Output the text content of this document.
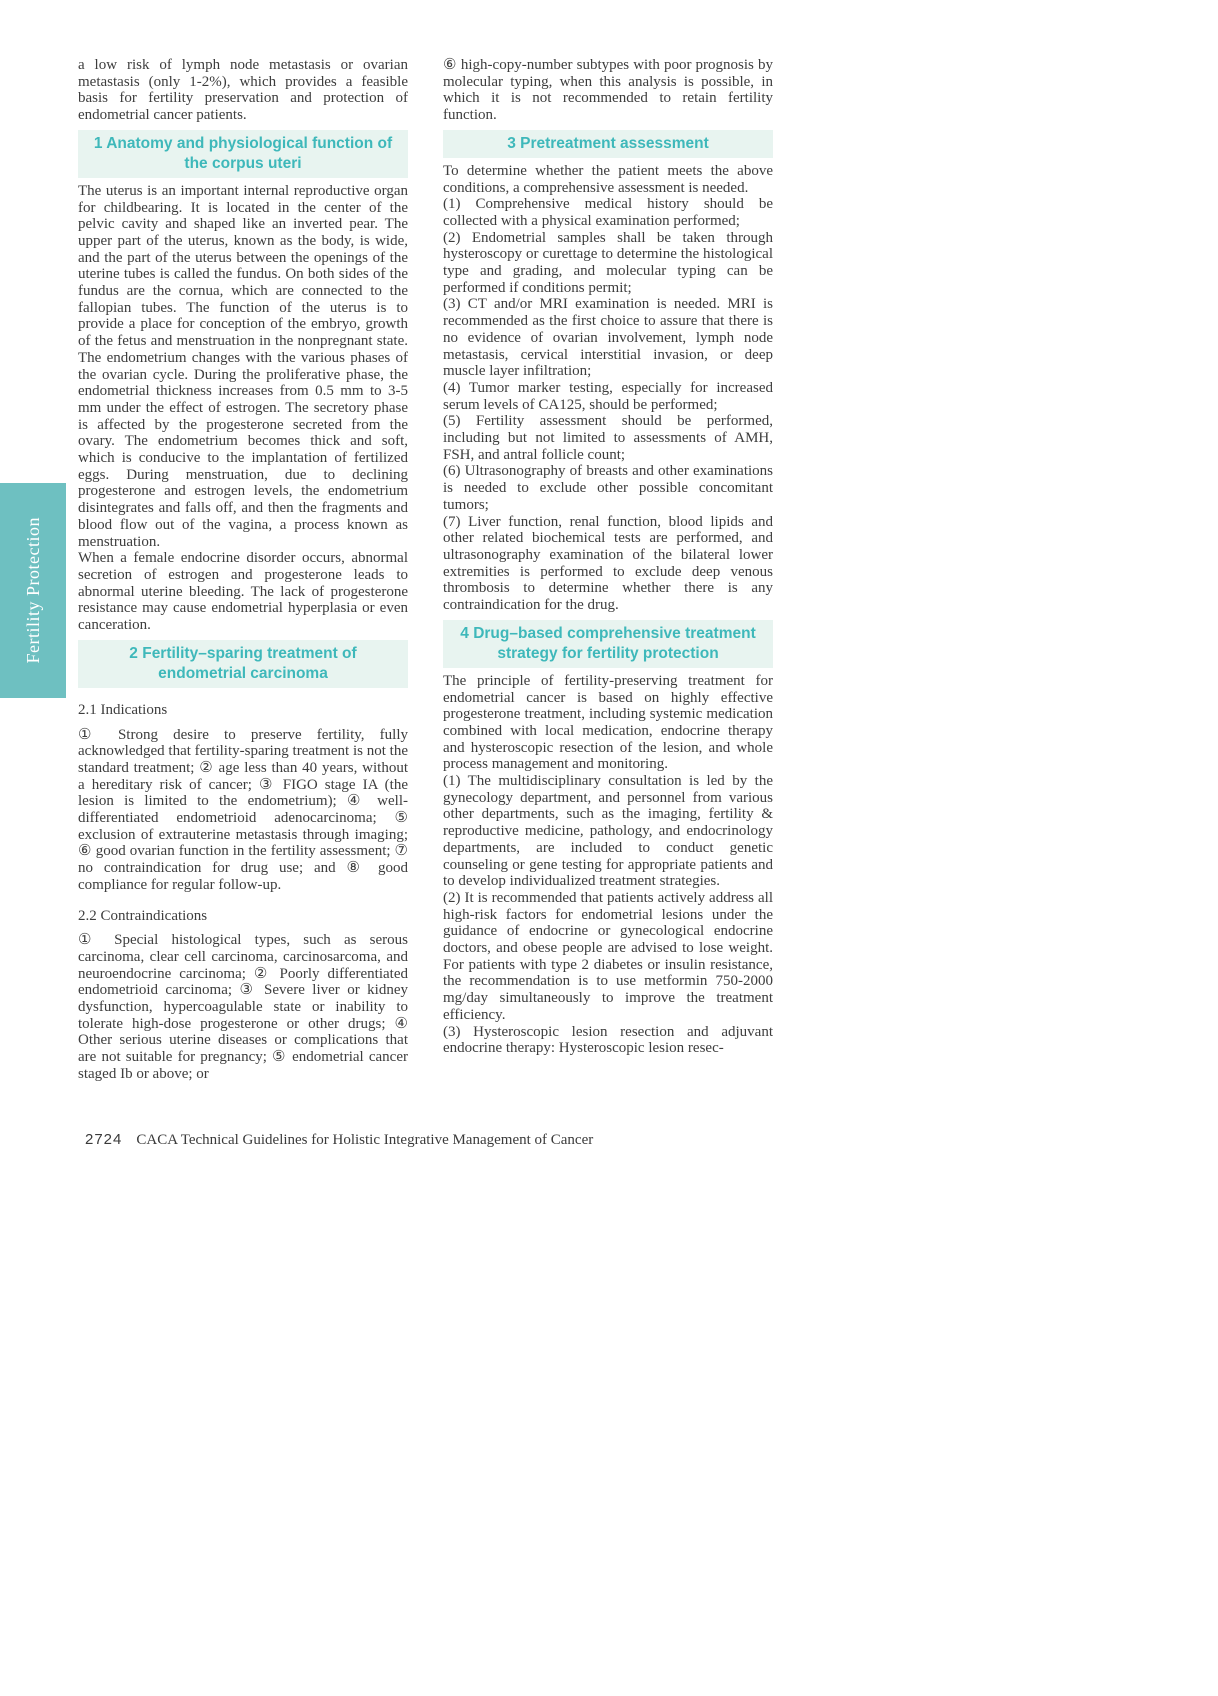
Fertility Protection

a low risk of lymph node metastasis or ovarian metastasis (only 1-2%), which provides a feasible basis for fertility preservation and protection of endometrial cancer patients.

1 Anatomy and physiological function of the corpus uteri

The uterus is an important internal reproductive organ for childbearing. It is located in the center of the pelvic cavity and shaped like an inverted pear. The upper part of the uterus, known as the body, is wide, and the part of the uterus between the openings of the uterine tubes is called the fundus. On both sides of the fundus are the cornua, which are connected to the fallopian tubes. The function of the uterus is to provide a place for conception of the embryo, growth of the fetus and menstruation in the nonpregnant state. The endometrium changes with the various phases of the ovarian cycle. During the proliferative phase, the endometrial thickness increases from 0.5 mm to 3-5 mm under the effect of estrogen. The secretory phase is affected by the progesterone secreted from the ovary. The endometrium becomes thick and soft, which is conducive to the implantation of fertilized eggs. During menstruation, due to declining progesterone and estrogen levels, the endometrium disintegrates and falls off, and then the fragments and blood flow out of the vagina, a process known as menstruation.

When a female endocrine disorder occurs, abnormal secretion of estrogen and progesterone leads to abnormal uterine bleeding. The lack of progesterone resistance may cause endometrial hyperplasia or even canceration.

2 Fertility–sparing treatment of endometrial carcinoma

2.1 Indications

① Strong desire to preserve fertility, fully acknowledged that fertility-sparing treatment is not the standard treatment; ② age less than 40 years, without a hereditary risk of cancer; ③ FIGO stage IA (the lesion is limited to the endometrium); ④ well-differentiated endometrioid adenocarcinoma; ⑤ exclusion of extrauterine metastasis through imaging; ⑥ good ovarian function in the fertility assessment; ⑦ no contraindication for drug use; and ⑧ good compliance for regular follow-up.

2.2 Contraindications

① Special histological types, such as serous carcinoma, clear cell carcinoma, carcinosarcoma, and neuroendocrine carcinoma; ② Poorly differentiated endometrioid carcinoma; ③ Severe liver or kidney dysfunction, hypercoagulable state or inability to tolerate high-dose progesterone or other drugs; ④ Other serious uterine diseases or complications that are not suitable for pregnancy; ⑤ endometrial cancer staged Ib or above; or

⑥ high-copy-number subtypes with poor prognosis by molecular typing, when this analysis is possible, in which it is not recommended to retain fertility function.

3 Pretreatment assessment

To determine whether the patient meets the above conditions, a comprehensive assessment is needed.

(1) Comprehensive medical history should be collected with a physical examination performed;

(2) Endometrial samples shall be taken through hysteroscopy or curettage to determine the histological type and grading, and molecular typing can be performed if conditions permit;

(3) CT and/or MRI examination is needed. MRI is recommended as the first choice to assure that there is no evidence of ovarian involvement, lymph node metastasis, cervical interstitial invasion, or deep muscle layer infiltration;

(4) Tumor marker testing, especially for increased serum levels of CA125, should be performed;

(5) Fertility assessment should be performed, including but not limited to assessments of AMH, FSH, and antral follicle count;

(6) Ultrasonography of breasts and other examinations is needed to exclude other possible concomitant tumors;

(7) Liver function, renal function, blood lipids and other related biochemical tests are performed, and ultrasonography examination of the bilateral lower extremities is performed to exclude deep venous thrombosis to determine whether there is any contraindication for the drug.

4 Drug–based comprehensive treatment strategy for fertility protection

The principle of fertility-preserving treatment for endometrial cancer is based on highly effective progesterone treatment, including systemic medication combined with local medication, endocrine therapy and hysteroscopic resection of the lesion, and whole process management and monitoring.

(1) The multidisciplinary consultation is led by the gynecology department, and personnel from various other departments, such as the imaging, fertility & reproductive medicine, pathology, and endocrinology departments, are included to conduct genetic counseling or gene testing for appropriate patients and to develop individualized treatment strategies.

(2) It is recommended that patients actively address all high-risk factors for endometrial lesions under the guidance of endocrine or gynecological endocrine doctors, and obese people are advised to lose weight. For patients with type 2 diabetes or insulin resistance, the recommendation is to use metformin 750-2000 mg/day simultaneously to improve the treatment efficiency.

(3) Hysteroscopic lesion resection and adjuvant endocrine therapy: Hysteroscopic lesion resec-

2724 CACA Technical Guidelines for Holistic Integrative Management of Cancer
